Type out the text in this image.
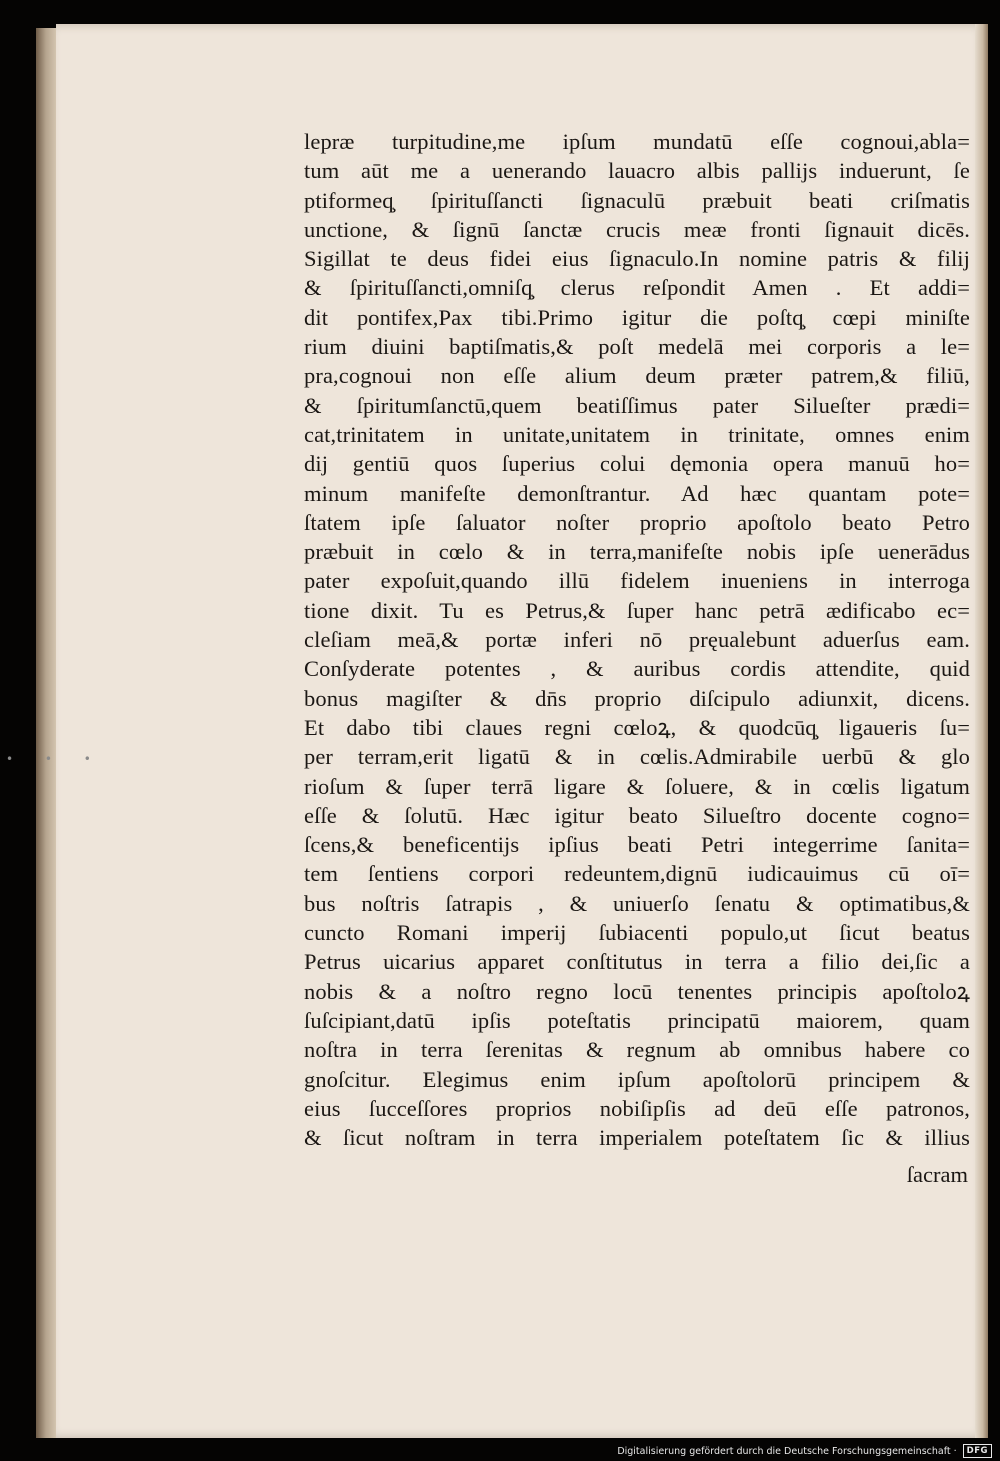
• • •
lepræ turpitudine,me ipſum mundatū eſſe cognoui,abla=
tum aūt me a uenerando lauacro albis pallijs induerunt, ſe
ptiformeq̧ ſpirituſſancti ſignaculū præbuit beati criſmatis
unctione, & ſignū ſanctæ crucis meæ fronti ſignauit dicēs.
Sigillat te deus fidei eius ſignaculo.In nomine patris & filij
& ſpirituſſancti,omniſq̧ clerus reſpondit Amen . Et addi=
dit pontifex,Pax tibi.Primo igitur die poſtq̧ cœpi miniſte
rium diuini baptiſmatis,& poſt medelā mei corporis a le=
pra,cognoui non eſſe alium deum præter patrem,& filiū,
& ſpiritumſanctū,quem beatiſſimus pater Silueſter prædi=
cat,trinitatem in unitate,unitatem in trinitate, omnes enim
dij gentiū quos ſuperius colui dęmonia opera manuū ho=
minum manifeſte demonſtrantur. Ad hæc quantam pote=
ſtatem ipſe ſaluator noſter proprio apoſtolo beato Petro
præbuit in cœlo & in terra,manifeſte nobis ipſe uenerādus
pater expoſuit,quando illū fidelem inueniens in interroga
tione dixit. Tu es Petrus,& ſuper hanc petrā ædificabo ec=
cleſiam meā,& portæ inferi nō pręualebunt aduerſus eam.
Conſyderate potentes , & auribus cordis attendite, quid
bonus magiſter & dn̄s proprio diſcipulo adiunxit, dicens.
Et dabo tibi claues regni cœloꝝ, & quodcūq̧ ligaueris ſu=
per terram,erit ligatū & in cœlis.Admirabile uerbū & glo
rioſum & ſuper terrā ligare & ſoluere, & in cœlis ligatum
eſſe & ſolutū. Hæc igitur beato Silueſtro docente cogno=
ſcens,& beneficentijs ipſius beati Petri integerrime ſanita=
tem ſentiens corpori redeuntem,dignū iudicauimus cū oī=
bus noſtris ſatrapis , & uniuerſo ſenatu & optimatibus,&
cuncto Romani imperij ſubiacenti populo,ut ſicut beatus
Petrus uicarius apparet conſtitutus in terra a filio dei,ſic a
nobis & a noſtro regno locū tenentes principis apoſtoloꝝ
ſuſcipiant,datū ipſis poteſtatis principatū maiorem, quam
noſtra in terra ſerenitas & regnum ab omnibus habere co
gnoſcitur. Elegimus enim ipſum apoſtolorū principem &
eius ſucceſſores proprios nobiſipſis ad deū eſſe patronos,
& ſicut noſtram in terra imperialem poteſtatem ſic & illius
ſacram
Digitalisierung gefördert durch die Deutsche Forschungsgemeinschaft ·	DFG
